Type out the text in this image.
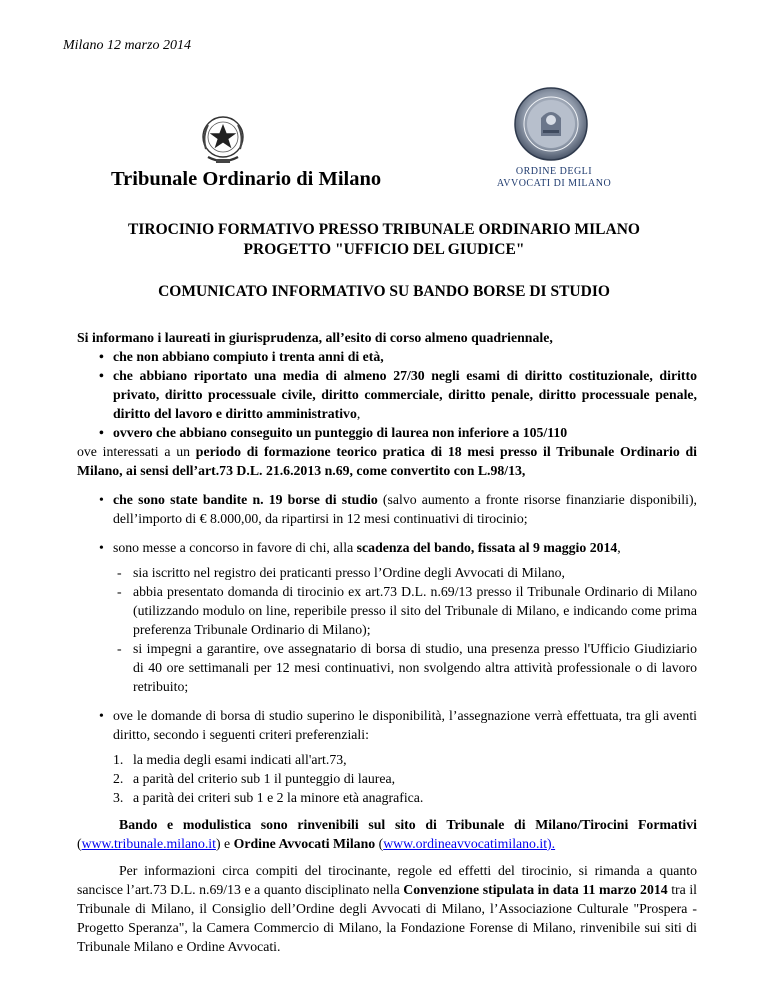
Milano 12 marzo 2014
Tribunale Ordinario di Milano	ORDINE DEGLI
AVVOCATI DI MILANO
TIROCINIO FORMATIVO PRESSO TRIBUNALE ORDINARIO MILANO
PROGETTO "UFFICIO DEL GIUDICE"
COMUNICATO INFORMATIVO SU BANDO BORSE DI STUDIO

Si informano i laureati in giurisprudenza, all’esito di corso almeno quadriennale,

• che non abbiano compiuto i trenta anni di età,
• che abbiano riportato una media di almeno 27/30 negli esami di diritto costituzionale, diritto privato, diritto processuale civile, diritto commerciale, diritto penale, diritto processuale penale, diritto del lavoro e diritto amministrativo,
• ovvero che abbiano conseguito un punteggio di laurea non inferiore a 105/110

ove interessati a un periodo di formazione teorico pratica di 18 mesi presso il Tribunale Ordinario di Milano, ai sensi dell’art.73 D.L. 21.6.2013 n.69, come convertito con L.98/13,

• che sono state bandite n. 19 borse di studio (salvo aumento a fronte risorse finanziarie disponibili), dell’importo di € 8.000,00, da ripartirsi in 12 mesi continuativi di tirocinio;
• sono messe a concorso in favore di chi, alla scadenza del bando, fissata al 9 maggio 2014,
- sia iscritto nel registro dei praticanti presso l’Ordine degli Avvocati di Milano,
- abbia presentato domanda di tirocinio ex art.73 D.L. n.69/13 presso il Tribunale Ordinario di Milano (utilizzando modulo on line, reperibile presso il sito del Tribunale di Milano, e indicando come prima preferenza Tribunale Ordinario di Milano);
- si impegni a garantire, ove assegnatario di borsa di studio, una presenza presso l'Ufficio Giudiziario di 40 ore settimanali per 12 mesi continuativi, non svolgendo altra attività professionale o di lavoro retribuito;
• ove le domande di borsa di studio superino le disponibilità, l’assegnazione verrà effettuata, tra gli aventi diritto, secondo i seguenti criteri preferenziali:
1. la media degli esami indicati all'art.73,
2. a parità del criterio sub 1 il punteggio di laurea,
3. a parità dei criteri sub 1 e 2 la minore età anagrafica.

Bando e modulistica sono rinvenibili sul sito di Tribunale di Milano/Tirocini Formativi (www.tribunale.milano.it) e Ordine Avvocati Milano (www.ordineavvocatimilano.it).

Per informazioni circa compiti del tirocinante, regole ed effetti del tirocinio, si rimanda a quanto sancisce l’art.73 D.L. n.69/13 e a quanto disciplinato nella Convenzione stipulata in data 11 marzo 2014 tra il Tribunale di Milano, il Consiglio dell’Ordine degli Avvocati di Milano, l’Associazione Culturale "Prospera - Progetto Speranza", la Camera Commercio di Milano, la Fondazione Forense di Milano, rinvenibile sui siti di Tribunale Milano e Ordine Avvocati.
